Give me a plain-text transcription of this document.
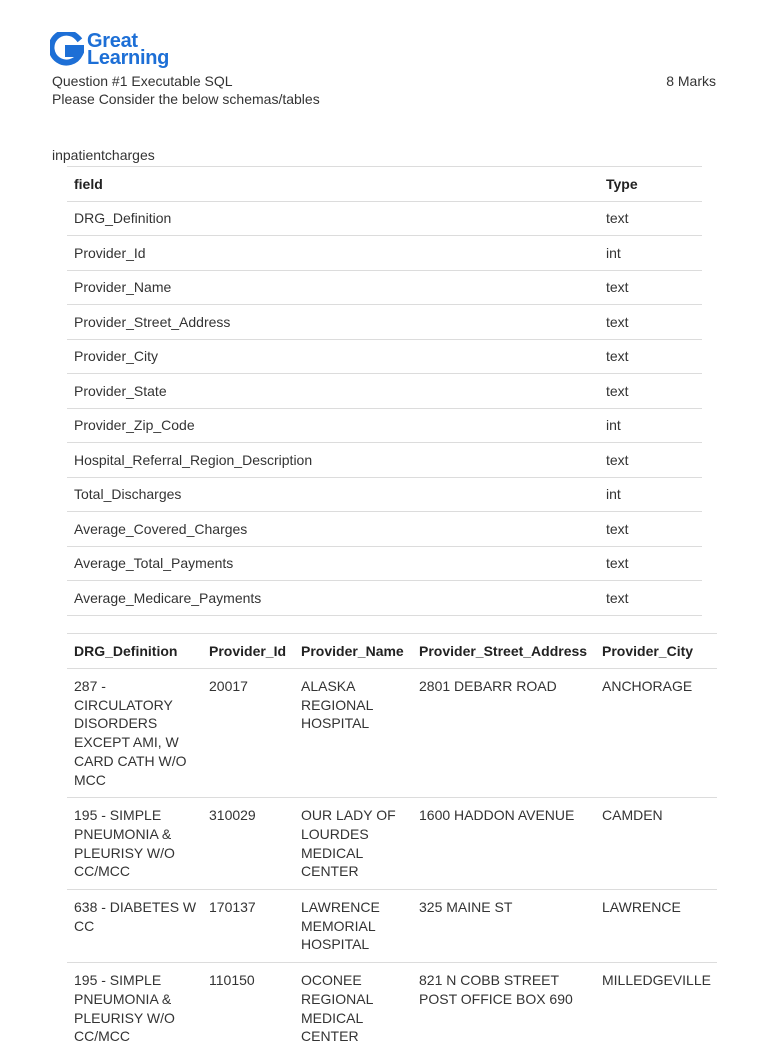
Great
Learning
Question #1 Executable SQL	8 Marks
Please Consider the below schemas/tables
inpatientcharges
field	Type
DRG_Definition	text
Provider_Id	int
Provider_Name	text
Provider_Street_Address	text
Provider_City	text
Provider_State	text
Provider_Zip_Code	int
Hospital_Referral_Region_Description	text
Total_Discharges	int
Average_Covered_Charges	text
Average_Total_Payments	text
Average_Medicare_Payments	text
DRG_Definition	Provider_Id	Provider_Name	Provider_Street_Address	Provider_City
287 - CIRCULATORY DISORDERS EXCEPT AMI, W CARD CATH W/O MCC	20017	ALASKA REGIONAL HOSPITAL	2801 DEBARR ROAD	ANCHORAGE
195 - SIMPLE PNEUMONIA & PLEURISY W/O CC/MCC	310029	OUR LADY OF LOURDES MEDICAL CENTER	1600 HADDON AVENUE	CAMDEN
638 - DIABETES W CC	170137	LAWRENCE MEMORIAL HOSPITAL	325 MAINE ST	LAWRENCE
195 - SIMPLE PNEUMONIA & PLEURISY W/O CC/MCC	110150	OCONEE REGIONAL MEDICAL CENTER	821 N COBB STREET POST OFFICE BOX 690	MILLEDGEVILLE
